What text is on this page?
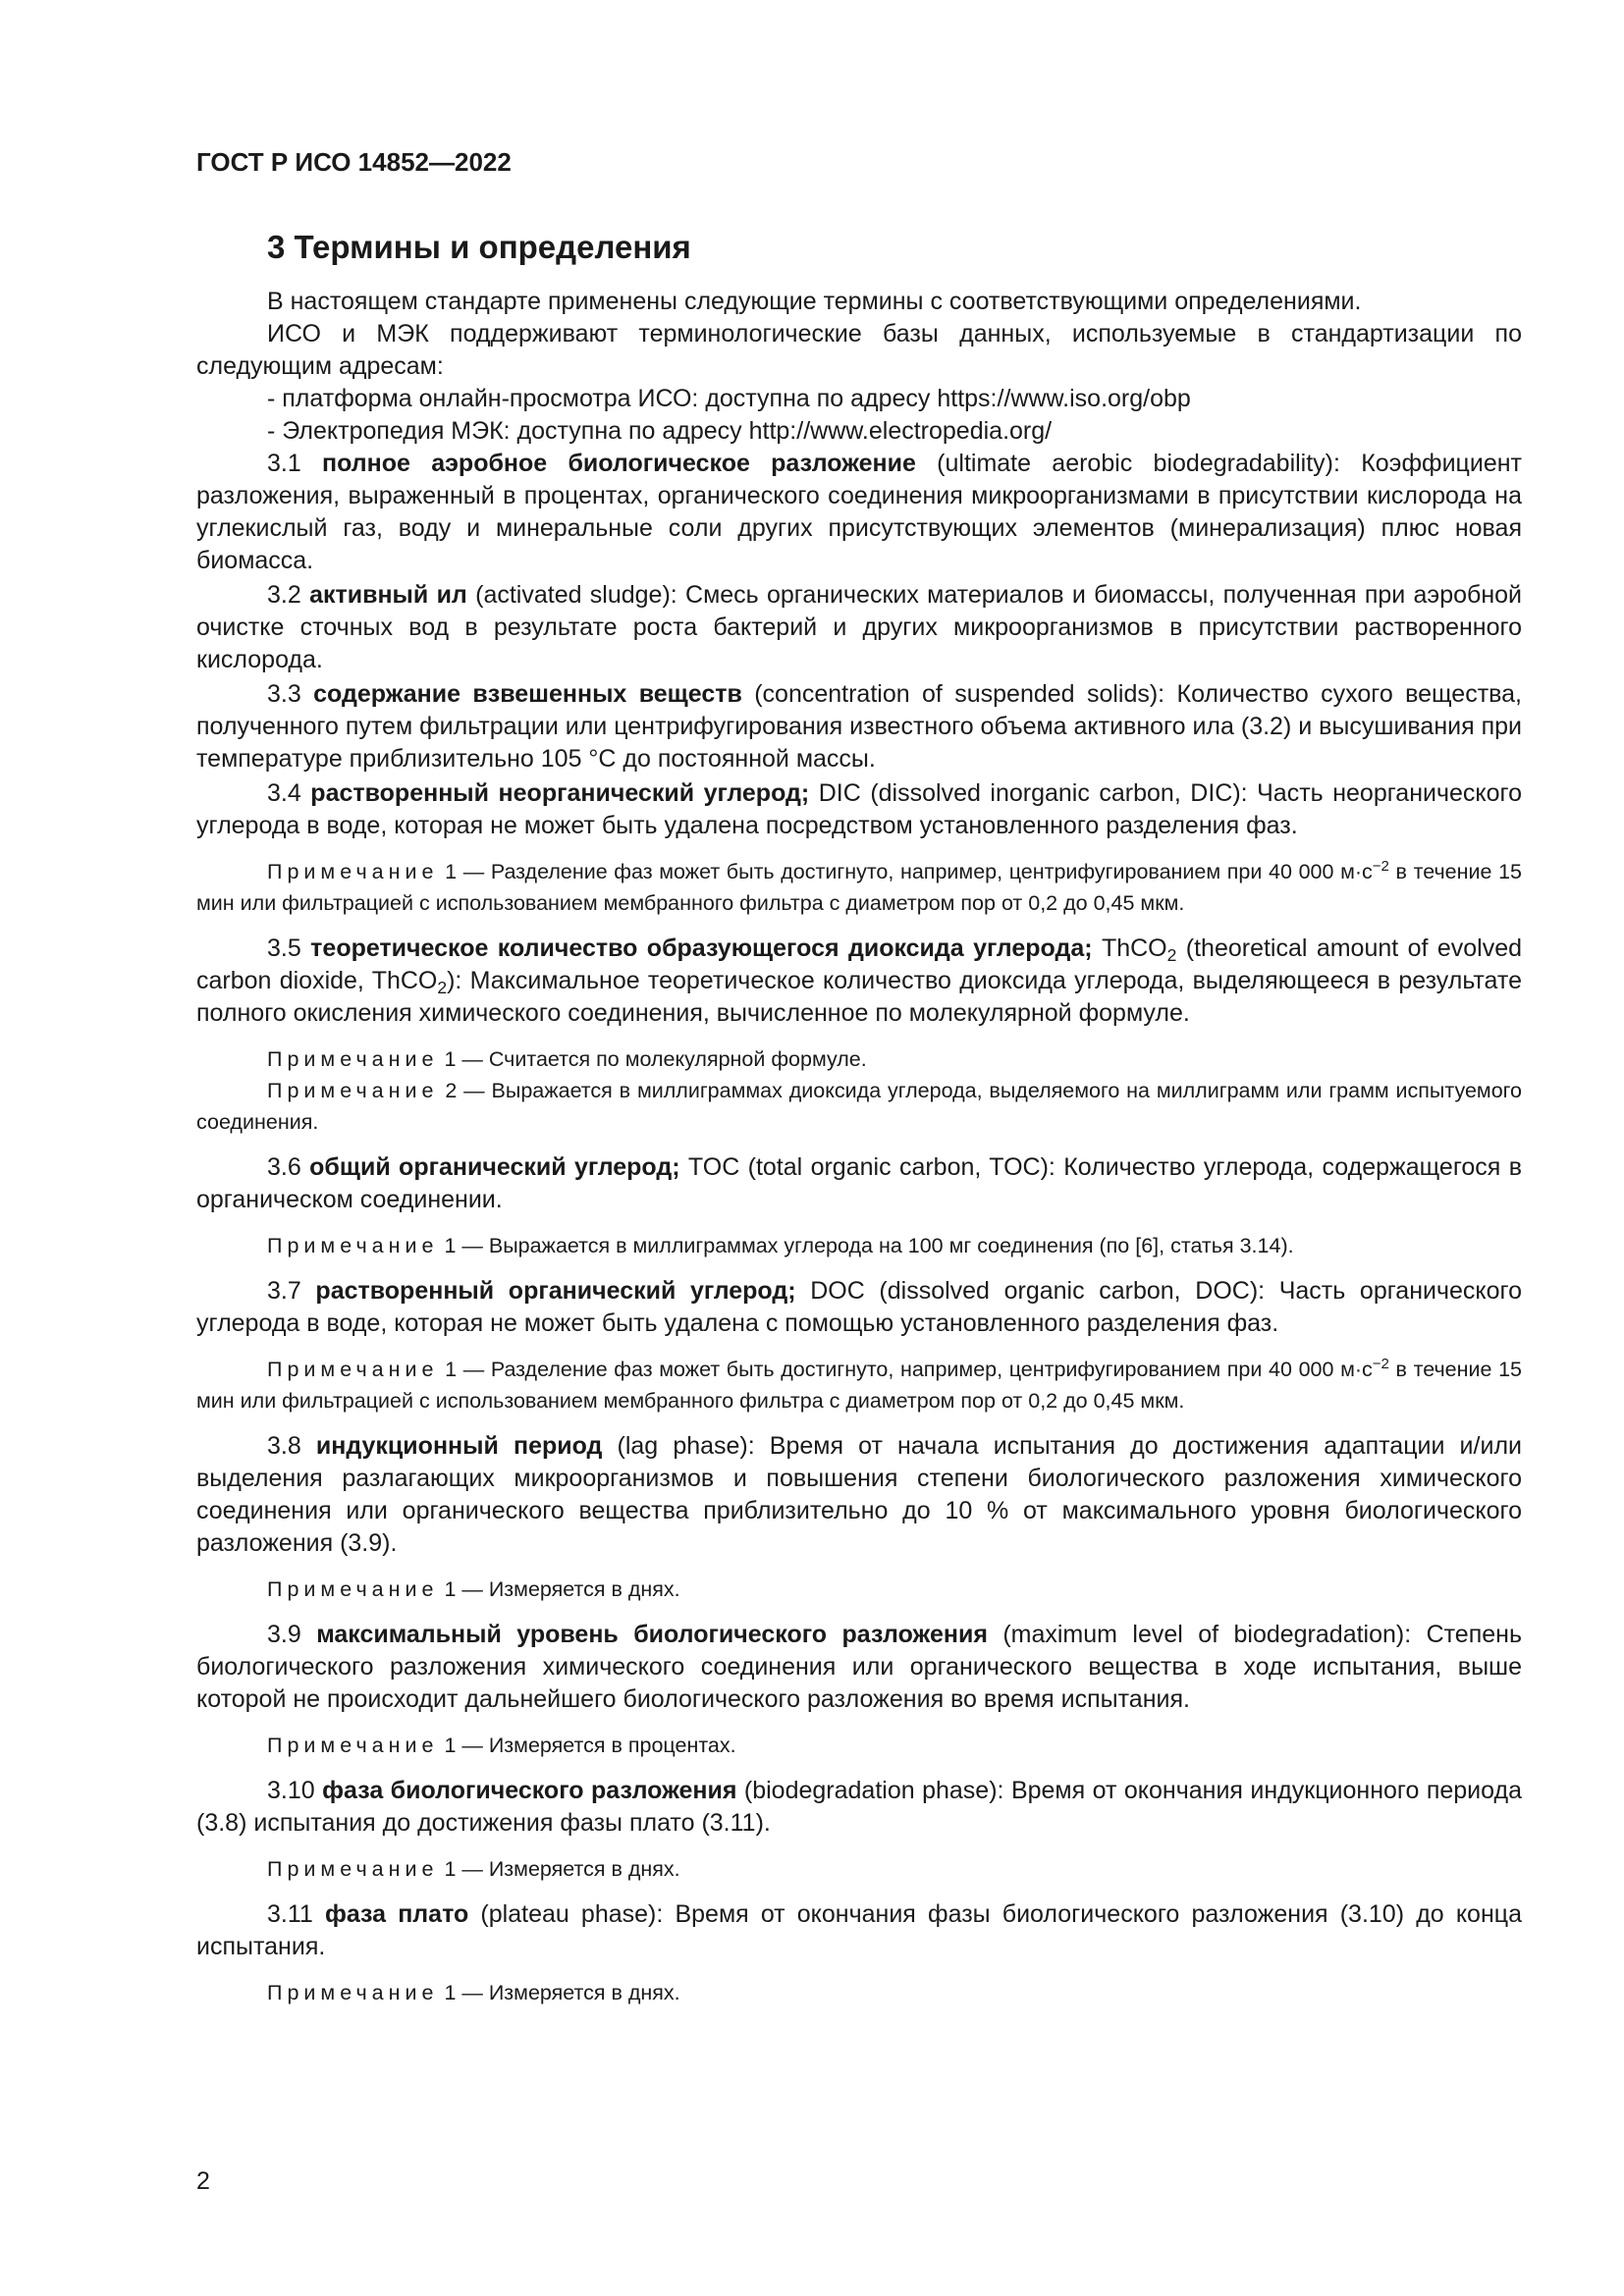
ГОСТ Р ИСО 14852—2022
3 Термины и определения

В настоящем стандарте применены следующие термины с соответствующими определениями.

ИСО и МЭК поддерживают терминологические базы данных, используемые в стандартизации по следующим адресам:

- платформа онлайн-просмотра ИСО: доступна по адресу https://www.iso.org/obp

- Электропедия МЭК: доступна по адресу http://www.electropedia.org/

3.1 полное аэробное биологическое разложение (ultimate aerobic biodegradability): Коэффициент разложения, выраженный в процентах, органического соединения микроорганизмами в присутствии кислорода на углекислый газ, воду и минеральные соли других присутствующих элементов (минерализация) плюс новая биомасса.

3.2 активный ил (activated sludge): Смесь органических материалов и биомассы, полученная при аэробной очистке сточных вод в результате роста бактерий и других микроорганизмов в присутствии растворенного кислорода.

3.3 содержание взвешенных веществ (concentration of suspended solids): Количество сухого вещества, полученного путем фильтрации или центрифугирования известного объема активного ила (3.2) и высушивания при температуре приблизительно 105 °С до постоянной массы.

3.4 растворенный неорганический углерод; DIC (dissolved inorganic carbon, DIC): Часть неорганического углерода в воде, которая не может быть удалена посредством установленного разделения фаз.

Примечание 1 — Разделение фаз может быть достигнуто, например, центрифугированием при 40 000 $м\cdot с^{-2}$ в течение 15 мин или фильтрацией с использованием мембранного фильтра с диаметром пор от 0,2 до 0,45 мкм.

3.5 теоретическое количество образующегося диоксида углерода; ThCO$_2$ (theoretical amount of evolved carbon dioxide, ThCO$_2$): Максимальное теоретическое количество диоксида углерода, выделяющееся в результате полного окисления химического соединения, вычисленное по молекулярной формуле.

Примечание 1 — Считается по молекулярной формуле.
Примечание 2 — Выражается в миллиграммах диоксида углерода, выделяемого на миллиграмм или грамм испытуемого соединения.

3.6 общий органический углерод; TOC (total organic carbon, TOC): Количество углерода, содержащегося в органическом соединении.

Примечание 1 — Выражается в миллиграммах углерода на 100 мг соединения (по [6], статья 3.14).

3.7 растворенный органический углерод; DOC (dissolved organic carbon, DOC): Часть органического углерода в воде, которая не может быть удалена с помощью установленного разделения фаз.

Примечание 1 — Разделение фаз может быть достигнуто, например, центрифугированием при 40 000 $м\cdot с^{-2}$ в течение 15 мин или фильтрацией с использованием мембранного фильтра с диаметром пор от 0,2 до 0,45 мкм.

3.8 индукционный период (lag phase): Время от начала испытания до достижения адаптации и/или выделения разлагающих микроорганизмов и повышения степени биологического разложения химического соединения или органического вещества приблизительно до 10 % от максимального уровня биологического разложения (3.9).

Примечание 1 — Измеряется в днях.

3.9 максимальный уровень биологического разложения (maximum level of biodegradation): Степень биологического разложения химического соединения или органического вещества в ходе испытания, выше которой не происходит дальнейшего биологического разложения во время испытания.

Примечание 1 — Измеряется в процентах.

3.10 фаза биологического разложения (biodegradation phase): Время от окончания индукционного периода (3.8) испытания до достижения фазы плато (3.11).

Примечание 1 — Измеряется в днях.

3.11 фаза плато (plateau phase): Время от окончания фазы биологического разложения (3.10) до конца испытания.

Примечание 1 — Измеряется в днях.
2
